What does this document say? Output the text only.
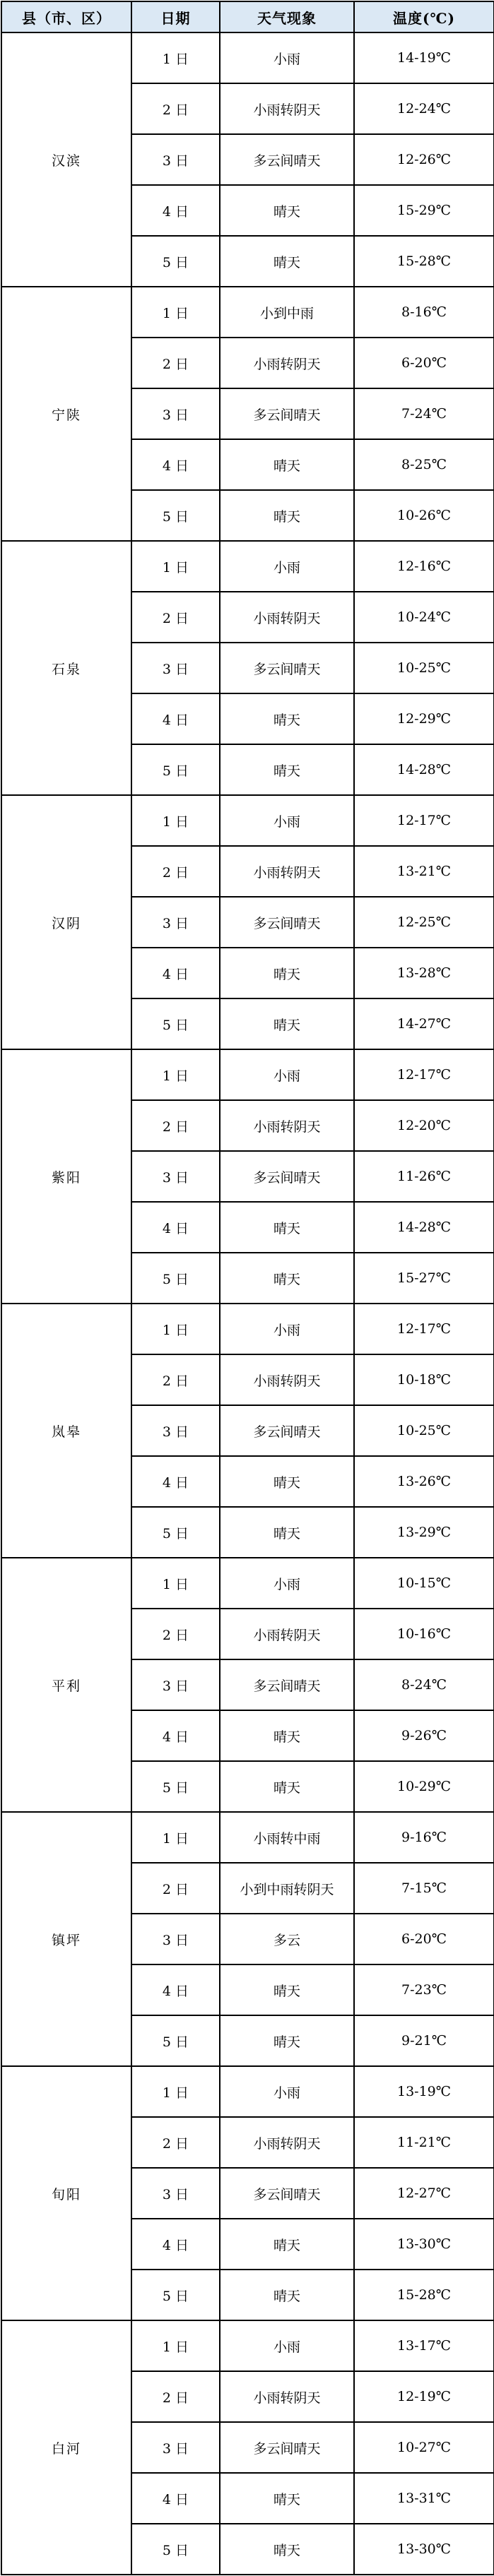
县（市、区）	日期	天气现象	温度(℃)
汉滨	1 日	小雨	14-19℃
	2 日	小雨转阴天	12-24℃
	3 日	多云间晴天	12-26℃
	4 日	晴天	15-29℃
	5 日	晴天	15-28℃
宁陕	1 日	小到中雨	8-16℃
	2 日	小雨转阴天	6-20℃
	3 日	多云间晴天	7-24℃
	4 日	晴天	8-25℃
	5 日	晴天	10-26℃
石泉	1 日	小雨	12-16℃
	2 日	小雨转阴天	10-24℃
	3 日	多云间晴天	10-25℃
	4 日	晴天	12-29℃
	5 日	晴天	14-28℃
汉阴	1 日	小雨	12-17℃
	2 日	小雨转阴天	13-21℃
	3 日	多云间晴天	12-25℃
	4 日	晴天	13-28℃
	5 日	晴天	14-27℃
紫阳	1 日	小雨	12-17℃
	2 日	小雨转阴天	12-20℃
	3 日	多云间晴天	11-26℃
	4 日	晴天	14-28℃
	5 日	晴天	15-27℃
岚皋	1 日	小雨	12-17℃
	2 日	小雨转阴天	10-18℃
	3 日	多云间晴天	10-25℃
	4 日	晴天	13-26℃
	5 日	晴天	13-29℃
平利	1 日	小雨	10-15℃
	2 日	小雨转阴天	10-16℃
	3 日	多云间晴天	8-24℃
	4 日	晴天	9-26℃
	5 日	晴天	10-29℃
镇坪	1 日	小雨转中雨	9-16℃
	2 日	小到中雨转阴天	7-15℃
	3 日	多云	6-20℃
	4 日	晴天	7-23℃
	5 日	晴天	9-21℃
旬阳	1 日	小雨	13-19℃
	2 日	小雨转阴天	11-21℃
	3 日	多云间晴天	12-27℃
	4 日	晴天	13-30℃
	5 日	晴天	15-28℃
白河	1 日	小雨	13-17℃
	2 日	小雨转阴天	12-19℃
	3 日	多云间晴天	10-27℃
	4 日	晴天	13-31℃
	5 日	晴天	13-30℃
